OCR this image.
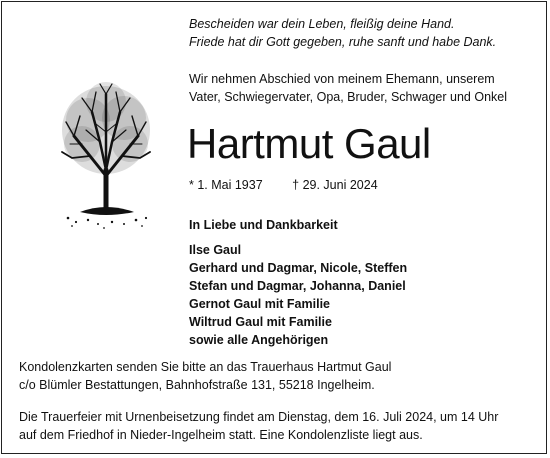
Bescheiden war dein Leben, fleißig deine Hand.
Friede hat dir Gott gegeben, ruhe sanft und habe Dank.
Wir nehmen Abschied von meinem Ehemann, unserem
Vater, Schwiegervater, Opa, Bruder, Schwager und Onkel
Hartmut Gaul
* 1. Mai 1937 † 29. Juni 2024
In Liebe und Dankbarkeit
Ilse Gaul
Gerhard und Dagmar, Nicole, Steffen
Stefan und Dagmar, Johanna, Daniel
Gernot Gaul mit Familie
Wiltrud Gaul mit Familie
sowie alle Angehörigen
Kondolenzkarten senden Sie bitte an das Trauerhaus Hartmut Gaul
c/o Blümler Bestattungen, Bahnhofstraße 131, 55218 Ingelheim.
Die Trauerfeier mit Urnenbeisetzung findet am Dienstag, dem 16. Juli 2024, um 14 Uhr
auf dem Friedhof in Nieder-Ingelheim statt. Eine Kondolenzliste liegt aus.
